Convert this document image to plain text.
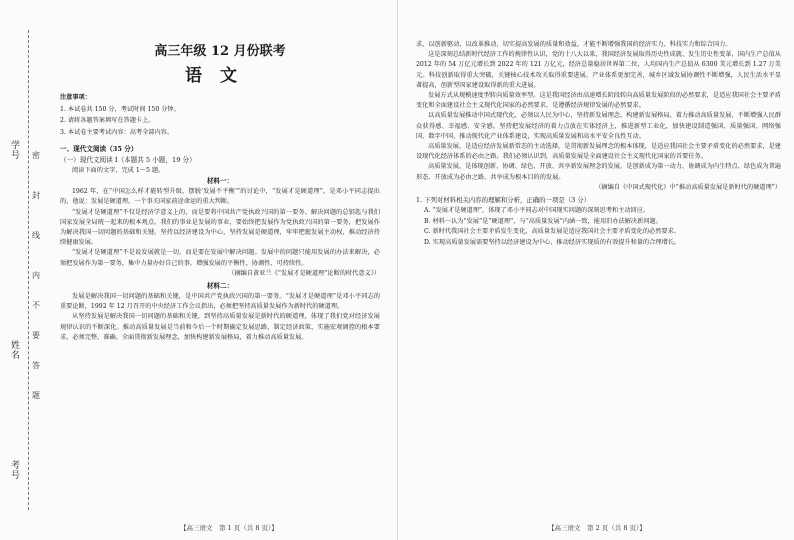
学号
姓名
考号
密
封
线
内
不
要
答
题
高三年级 12 月份联考
语文
注意事项：
1. 本试卷共 150 分，考试时间 150 分钟。
2. 请将各题答案填写在答题卡上。
3. 本试卷主要考试内容：高考全部内容。
一、现代文阅读（35 分）
（一）现代文阅读 I（本题共 5 小题，19 分）
阅读下面的文字，完成 1～5 题。
材料一：

1962 年，在“中国怎么样才能转型升级，摆脱‘发展不平衡’”的讨论中，“发展才是硬道理”，是邓小平同志提出的，他说：发展是硬道理，一个事关国家前途命运的重大判断。

“发展才是硬道理”不仅是经济学意义上的，而是要将中国共产党执政兴国的第一要务、解决问题的总钥匙与我们国家发展全局统一起来的根本观点。我们的事业是发展的事业，要始终把发展作为党执政兴国的第一要务，把发展作为解决我国一切问题的基础和关键。坚持以经济建设为中心，坚持发展是硬道理，牢牢把握发展主动权，推动经济持续健康发展。

“发展才是硬道理”不是说发展就是一切，而是要在发展中解决问题。发展中的问题只能用发展的办法来解决，必须把发展作为第一要务，集中力量办好自己的事，增强发展的平衡性、协调性、可持续性。

（摘编自黄亚兰《“发展才是硬道理”论断的时代意义》）

材料二：

发展是解决我国一切问题的基础和关键，是中国共产党执政兴国的第一要务。“发展才是硬道理”是邓小平同志的重要论断，1992 年 12 月召开的中央经济工作会议指出，必须把坚持高质量发展作为新时代的硬道理。

从坚持发展是解决我国一切问题的基础和关键，到坚持高质量发展是新时代的硬道理，体现了我们党对经济发展规律认识的不断深化。推动高质量发展是当前和今后一个时期确定发展思路、制定经济政策、实施宏观调控的根本要求，必须完整、准确、全面贯彻新发展理念，加快构建新发展格局，着力推动高质量发展。

【高三语文　第 1 页（共 8 页）】

求，以创新驱动、以改革推动，切实提高发展的质量和效益，才能不断增强我国的经济实力、科技实力和综合国力。

这是深刻总结新时代经济工作的规律性认识，党的十八大以来，我国经济发展取得历史性成就、发生历史性变革，国内生产总值从 2012 年的 54 万亿元增长到 2022 年的 121 万亿元，经济总量稳居世界第二位，人均国内生产总值从 6300 美元增长到 1.27 万美元。科技创新取得重大突破，关键核心技术攻关取得重要进展，产业体系更加完善，城乡区域发展协调性不断增强，人民生活水平显著提高，创新型国家建设取得新的重大进展。

发展方式从规模速度型转向质量效率型。这是我国经济由高速增长阶段转向高质量发展阶段的必然要求，是适应我国社会主要矛盾变化和全面建设社会主义现代化国家的必然要求，是遵循经济规律发展的必然要求。

以高质量发展推动中国式现代化，必须以人民为中心，坚持新发展理念，构建新发展格局，着力推动高质量发展，不断增强人民群众获得感、幸福感、安全感。坚持把发展经济的着力点放在实体经济上，推进新型工业化，加快建设制造强国、质量强国、网络强国、数字中国，推动现代化产业体系建设，实现高质量发展和高水平安全良性互动。

高质量发展，是适应经济发展新常态的主动选择，是贯彻新发展理念的根本体现，是适应我国社会主要矛盾变化的必然要求，是建设现代化经济体系的必由之路。我们必须认识到，高质量发展是全面建设社会主义现代化国家的首要任务。

高质量发展，是体现创新、协调、绿色、开放、共享新发展理念的发展，是创新成为第一动力、协调成为内生特点、绿色成为普遍形态、开放成为必由之路、共享成为根本目的的发展。

（摘编自《中国式现代化》中“推动高质量发展是新时代的硬道理”）

1. 下列对材料相关内容的理解和分析，正确的一项是（3 分）

A. “发展才是硬道理”，体现了邓小平同志对中国现实问题的深刻思考和主动回应。

B. 材料一认为“发展”是“硬道理”，与“高质量发展”内涵一致，能用旧办法解决新问题。

C. 新时代我国社会主要矛盾发生变化，高质量发展是适应我国社会主要矛盾变化的必然要求。

D. 实现高质量发展需要坚持以经济建设为中心，推动经济实现质的有效提升和量的合理增长。

【高三语文　第 2 页（共 8 页）】
